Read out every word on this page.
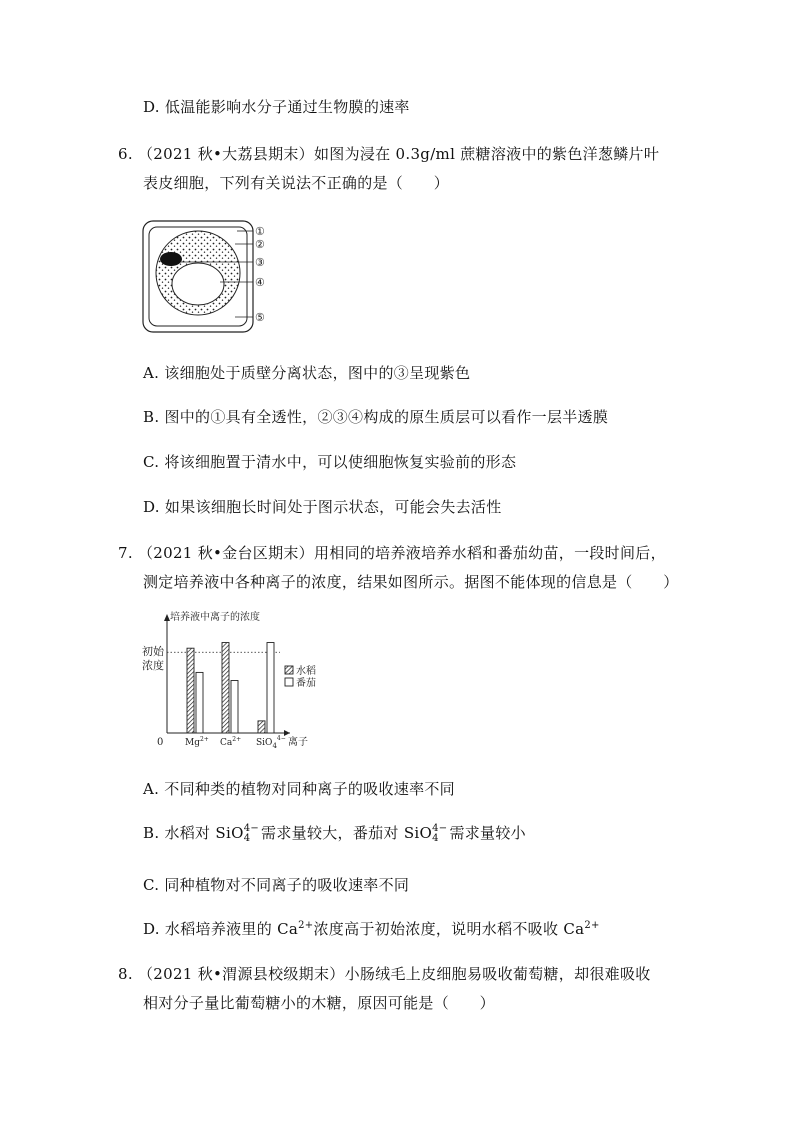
D. 低温能影响水分子通过生物膜的速率
6. （2021 秋•大荔县期末）如图为浸在 0.3g/ml 蔗糖溶液中的紫色洋葱鳞片叶
表皮细胞，下列有关说法不正确的是（　　）
①
②
③
④
⑤
A. 该细胞处于质壁分离状态，图中的③呈现紫色
B. 图中的①具有全透性，②③④构成的原生质层可以看作一层半透膜
C. 将该细胞置于清水中，可以使细胞恢复实验前的形态
D. 如果该细胞长时间处于图示状态，可能会失去活性
7. （2021 秋•金台区期末）用相同的培养液培养水稻和番茄幼苗，一段时间后，
测定培养液中各种离子的浓度，结果如图所示。据图不能体现的信息是（　　）
培养液中离子的浓度
离子
0
初始
浓度
$Mg^{2+}$ $Ca^{2+}$ SiO$_4^{4-}$
水稻
番茄
A. 不同种类的植物对同种离子的吸收速率不同
B. 水稻对 SiO 4−
4 需求量较大，番茄对 SiO 4−
4 需求量较小
C. 同种植物对不同离子的吸收速率不同
D. 水稻培养液里的 $Ca^{2+}$浓度高于初始浓度，说明水稻不吸收 $Ca^{2+}$
8. （2021 秋•渭源县校级期末）小肠绒毛上皮细胞易吸收葡萄糖，却很难吸收
相对分子量比葡萄糖小的木糖，原因可能是（　　）
